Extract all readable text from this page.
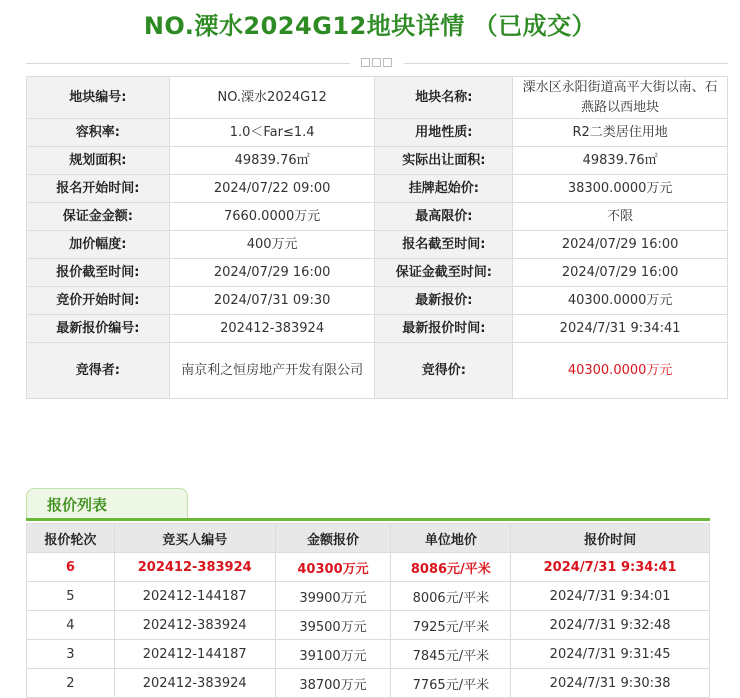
NO.溧水2024G12地块详情 （已成交）
地块编号:	NO.溧水2024G12	地块名称:	溧水区永阳街道高平大街以南、石燕路以西地块
容积率:	1.0＜Far≤1.4	用地性质:	R2二类居住用地
规划面积:	49839.76㎡	实际出让面积:	49839.76㎡
报名开始时间:	2024/07/22 09:00	挂牌起始价:	38300.0000万元
保证金金额:	7660.0000万元	最高限价:	不限
加价幅度:	400万元	报名截至时间:	2024/07/29 16:00
报价截至时间:	2024/07/29 16:00	保证金截至时间:	2024/07/29 16:00
竞价开始时间:	2024/07/31 09:30	最新报价:	40300.0000万元
最新报价编号:	202412-383924	最新报价时间:	2024/7/31 9:34:41
竞得者:	南京利之恒房地产开发有限公司	竞得价:	40300.0000万元
报价列表
报价轮次	竞买人编号	金额报价	单位地价	报价时间
6	202412-383924	40300万元	8086元/平米	2024/7/31 9:34:41
5	202412-144187	39900万元	8006元/平米	2024/7/31 9:34:01
4	202412-383924	39500万元	7925元/平米	2024/7/31 9:32:48
3	202412-144187	39100万元	7845元/平米	2024/7/31 9:31:45
2	202412-383924	38700万元	7765元/平米	2024/7/31 9:30:38
